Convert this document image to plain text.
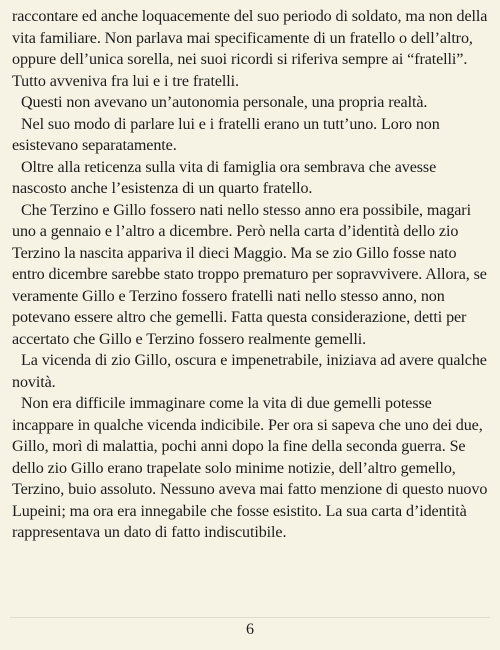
raccontare ed anche loquacemente del suo periodo di soldato, ma non della vita familiare. Non parlava mai specificamente di un fratello o dell’altro, oppure dell’unica sorella, nei suoi ricordi si riferiva sempre ai “fratelli”. Tutto avveniva fra lui e i tre fratelli.

Questi non avevano un’autonomia personale, una propria realtà.

Nel suo modo di parlare lui e i fratelli erano un tutt’uno. Loro non esistevano separatamente.

Oltre alla reticenza sulla vita di famiglia ora sembrava che avesse nascosto anche l’esistenza di un quarto fratello.

Che Terzino e Gillo fossero nati nello stesso anno era possibile, magari uno a gennaio e l’altro a dicembre. Però nella carta d’identità dello zio Terzino la nascita appariva il dieci Maggio. Ma se zio Gillo fosse nato entro dicembre sarebbe stato troppo prematuro per sopravvivere. Allora, se veramente Gillo e Terzino fossero fratelli nati nello stesso anno, non potevano essere altro che gemelli. Fatta questa considerazione, detti per accertato che Gillo e Terzino fossero realmente gemelli.

La vicenda di zio Gillo, oscura e impenetrabile, iniziava ad avere qualche novità.

Non era difficile immaginare come la vita di due gemelli potesse incappare in qualche vicenda indicibile. Per ora si sapeva che uno dei due, Gillo, morì di malattia, pochi anni dopo la fine della seconda guerra. Se dello zio Gillo erano trapelate solo minime notizie, dell’altro gemello, Terzino, buio assoluto. Nessuno aveva mai fatto menzione di questo nuovo Lupeini; ma ora era innegabile che fosse esistito. La sua carta d’identità rappresentava un dato di fatto indiscutibile.

6
